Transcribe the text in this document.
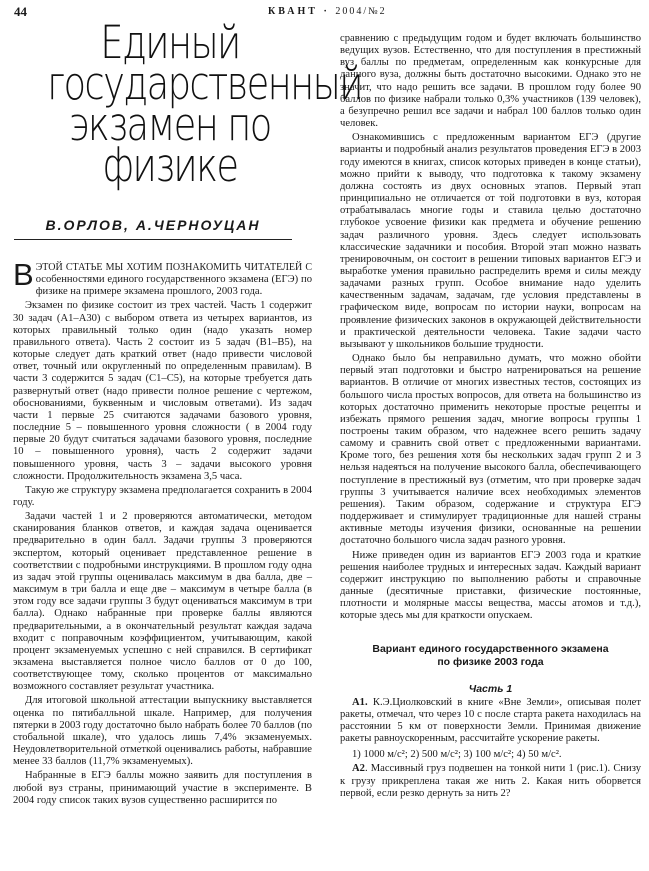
44	КВАНТ · 2004/№2
Единый
государственный
экзамен по
физике
В.ОРЛОВ, А.ЧЕРНОУЦАН

ВЭТОЙ СТАТЬЕ МЫ ХОТИМ ПОЗНАКОМИТЬ ЧИТАТЕЛЕЙ С особенностями единого государственного экзамена (ЕГЭ) по физике на примере экзамена прошлого, 2003 года.

Экзамен по физике состоит из трех частей. Часть 1 содержит 30 задач (А1–А30) с выбором ответа из четырех вариантов, из которых правильный только один (надо указать номер правильного ответа). Часть 2 состоит из 5 задач (В1–В5), на которые следует дать краткий ответ (надо привести числовой ответ, точный или округленный по определенным правилам). В части 3 содержится 5 задач (С1–С5), на которые требуется дать развернутый ответ (надо привести полное решение с чертежом, обоснованиями, буквенным и числовым ответами). Из задач части 1 первые 25 считаются задачами базового уровня, последние 5 – повышенного уровня сложности ( в 2004 году первые 20 будут считаться задачами базового уровня, последние 10 – повышенного уровня), часть 2 содержит задачи повышенного уровня, часть 3 – задачи высокого уровня сложности. Продолжительность экзамена 3,5 часа.

Такую же структуру экзамена предполагается сохранить в 2004 году.

Задачи частей 1 и 2 проверяются автоматически, методом сканирования бланков ответов, и каждая задача оценивается предварительно в один балл. Задачи группы 3 проверяются экспертом, который оценивает представленное решение в соответствии с подробными инструкциями. В прошлом году одна из задач этой группы оценивалась максимум в два балла, две – максимум в три балла и еще две – максимум в четыре балла (в этом году все задачи группы 3 будут оцениваться максимум в три балла). Однако набранные при проверке баллы являются предварительными, а в окончательный результат каждая задача входит с поправочным коэффициентом, учитывающим, какой процент экзаменуемых успешно с ней справился. В сертификат экзамена выставляется полное число баллов от 0 до 100, соответствующее тому, сколько процентов от максимально возможного составляет результат участника.

Для итоговой школьной аттестации выпускнику выставляется оценка по пятибалльной шкале. Например, для получения пятерки в 2003 году достаточно было набрать более 70 баллов (по стобальной шкале), что удалось лишь 7,4% экзаменуемых. Неудовлетворительной отметкой оценивались работы, набравшие менее 33 баллов (11,7% экзаменуемых).

Набранные в ЕГЭ баллы можно заявить для поступления в любой вуз страны, принимающий участие в эксперименте. В 2004 году список таких вузов существенно расширится по

сравнению с предыдущим годом и будет включать большинство ведущих вузов. Естественно, что для поступления в престижный вуз баллы по предметам, определенным как конкурсные для данного вуза, должны быть достаточно высокими. Однако это не значит, что надо решить все задачи. В прошлом году более 90 баллов по физике набрали только 0,3% участников (139 человек), а безупречно решил все задачи и набрал 100 баллов только один человек.

Ознакомившись с предложенным вариантом ЕГЭ (другие варианты и подробный анализ результатов проведения ЕГЭ в 2003 году имеются в книгах, список которых приведен в конце статьи), можно прийти к выводу, что подготовка к такому экзамену должна состоять из двух основных этапов. Первый этап принципиально не отличается от той подготовки в вуз, которая отрабатывалась многие годы и ставила целью достаточно глубокое усвоение физики как предмета и обучение решению задач различного уровня. Здесь следует использовать классические задачники и пособия. Второй этап можно назвать тренировочным, он состоит в решении типовых вариантов ЕГЭ и выработке умения правильно распределить время и силы между задачами разных групп. Особое внимание надо уделить качественным задачам, задачам, где условия представлены в графическом виде, вопросам по истории науки, вопросам на проявление физических законов в окружающей действительности и практической деятельности человека. Такие задачи часто вызывают у школьников большие трудности.

Однако было бы неправильно думать, что можно обойти первый этап подготовки и быстро натренироваться на решение вариантов. В отличие от многих известных тестов, состоящих из большого числа простых вопросов, для ответа на большинство из которых достаточно применить некоторые простые рецепты и избежать прямого решения задач, многие вопросы группы 1 построены таким образом, что надежнее всего решить задачу самому и сравнить свой ответ с предложенными вариантами. Кроме того, без решения хотя бы нескольких задач групп 2 и 3 нельзя надеяться на получение высокого балла, обеспечивающего поступление в престижный вуз (отметим, что при проверке задач группы 3 учитывается наличие всех необходимых элементов решения). Таким образом, содержание и структура ЕГЭ поддерживает и стимулирует традиционные для нашей страны активные методы изучения физики, основанные на решении достаточно большого числа задач разного уровня.

Ниже приведен один из вариантов ЕГЭ 2003 года и краткие решения наиболее трудных и интересных задач. Каждый вариант содержит инструкцию по выполнению работы и справочные данные (десятичные приставки, физические постоянные, плотности и молярные массы вещества, массы атомов и т.д.), которые здесь мы для краткости опускаем.

Вариант единого государственного экзамена
по физике 2003 года

Часть 1

А1. К.Э.Циолковский в книге «Вне Земли», описывая полет ракеты, отмечал, что через 10 с после старта ракета находилась на расстоянии 5 км от поверхности Земли. Принимая движение ракеты равноускоренным, рассчитайте ускорение ракеты.

1) 1000 м/с²; 2) 500 м/с²; 3) 100 м/с²; 4) 50 м/с².

А2. Массивный груз подвешен на тонкой нити 1 (рис.1). Снизу к грузу прикреплена такая же нить 2. Какая нить оборвется первой, если резко дернуть за нить 2?
